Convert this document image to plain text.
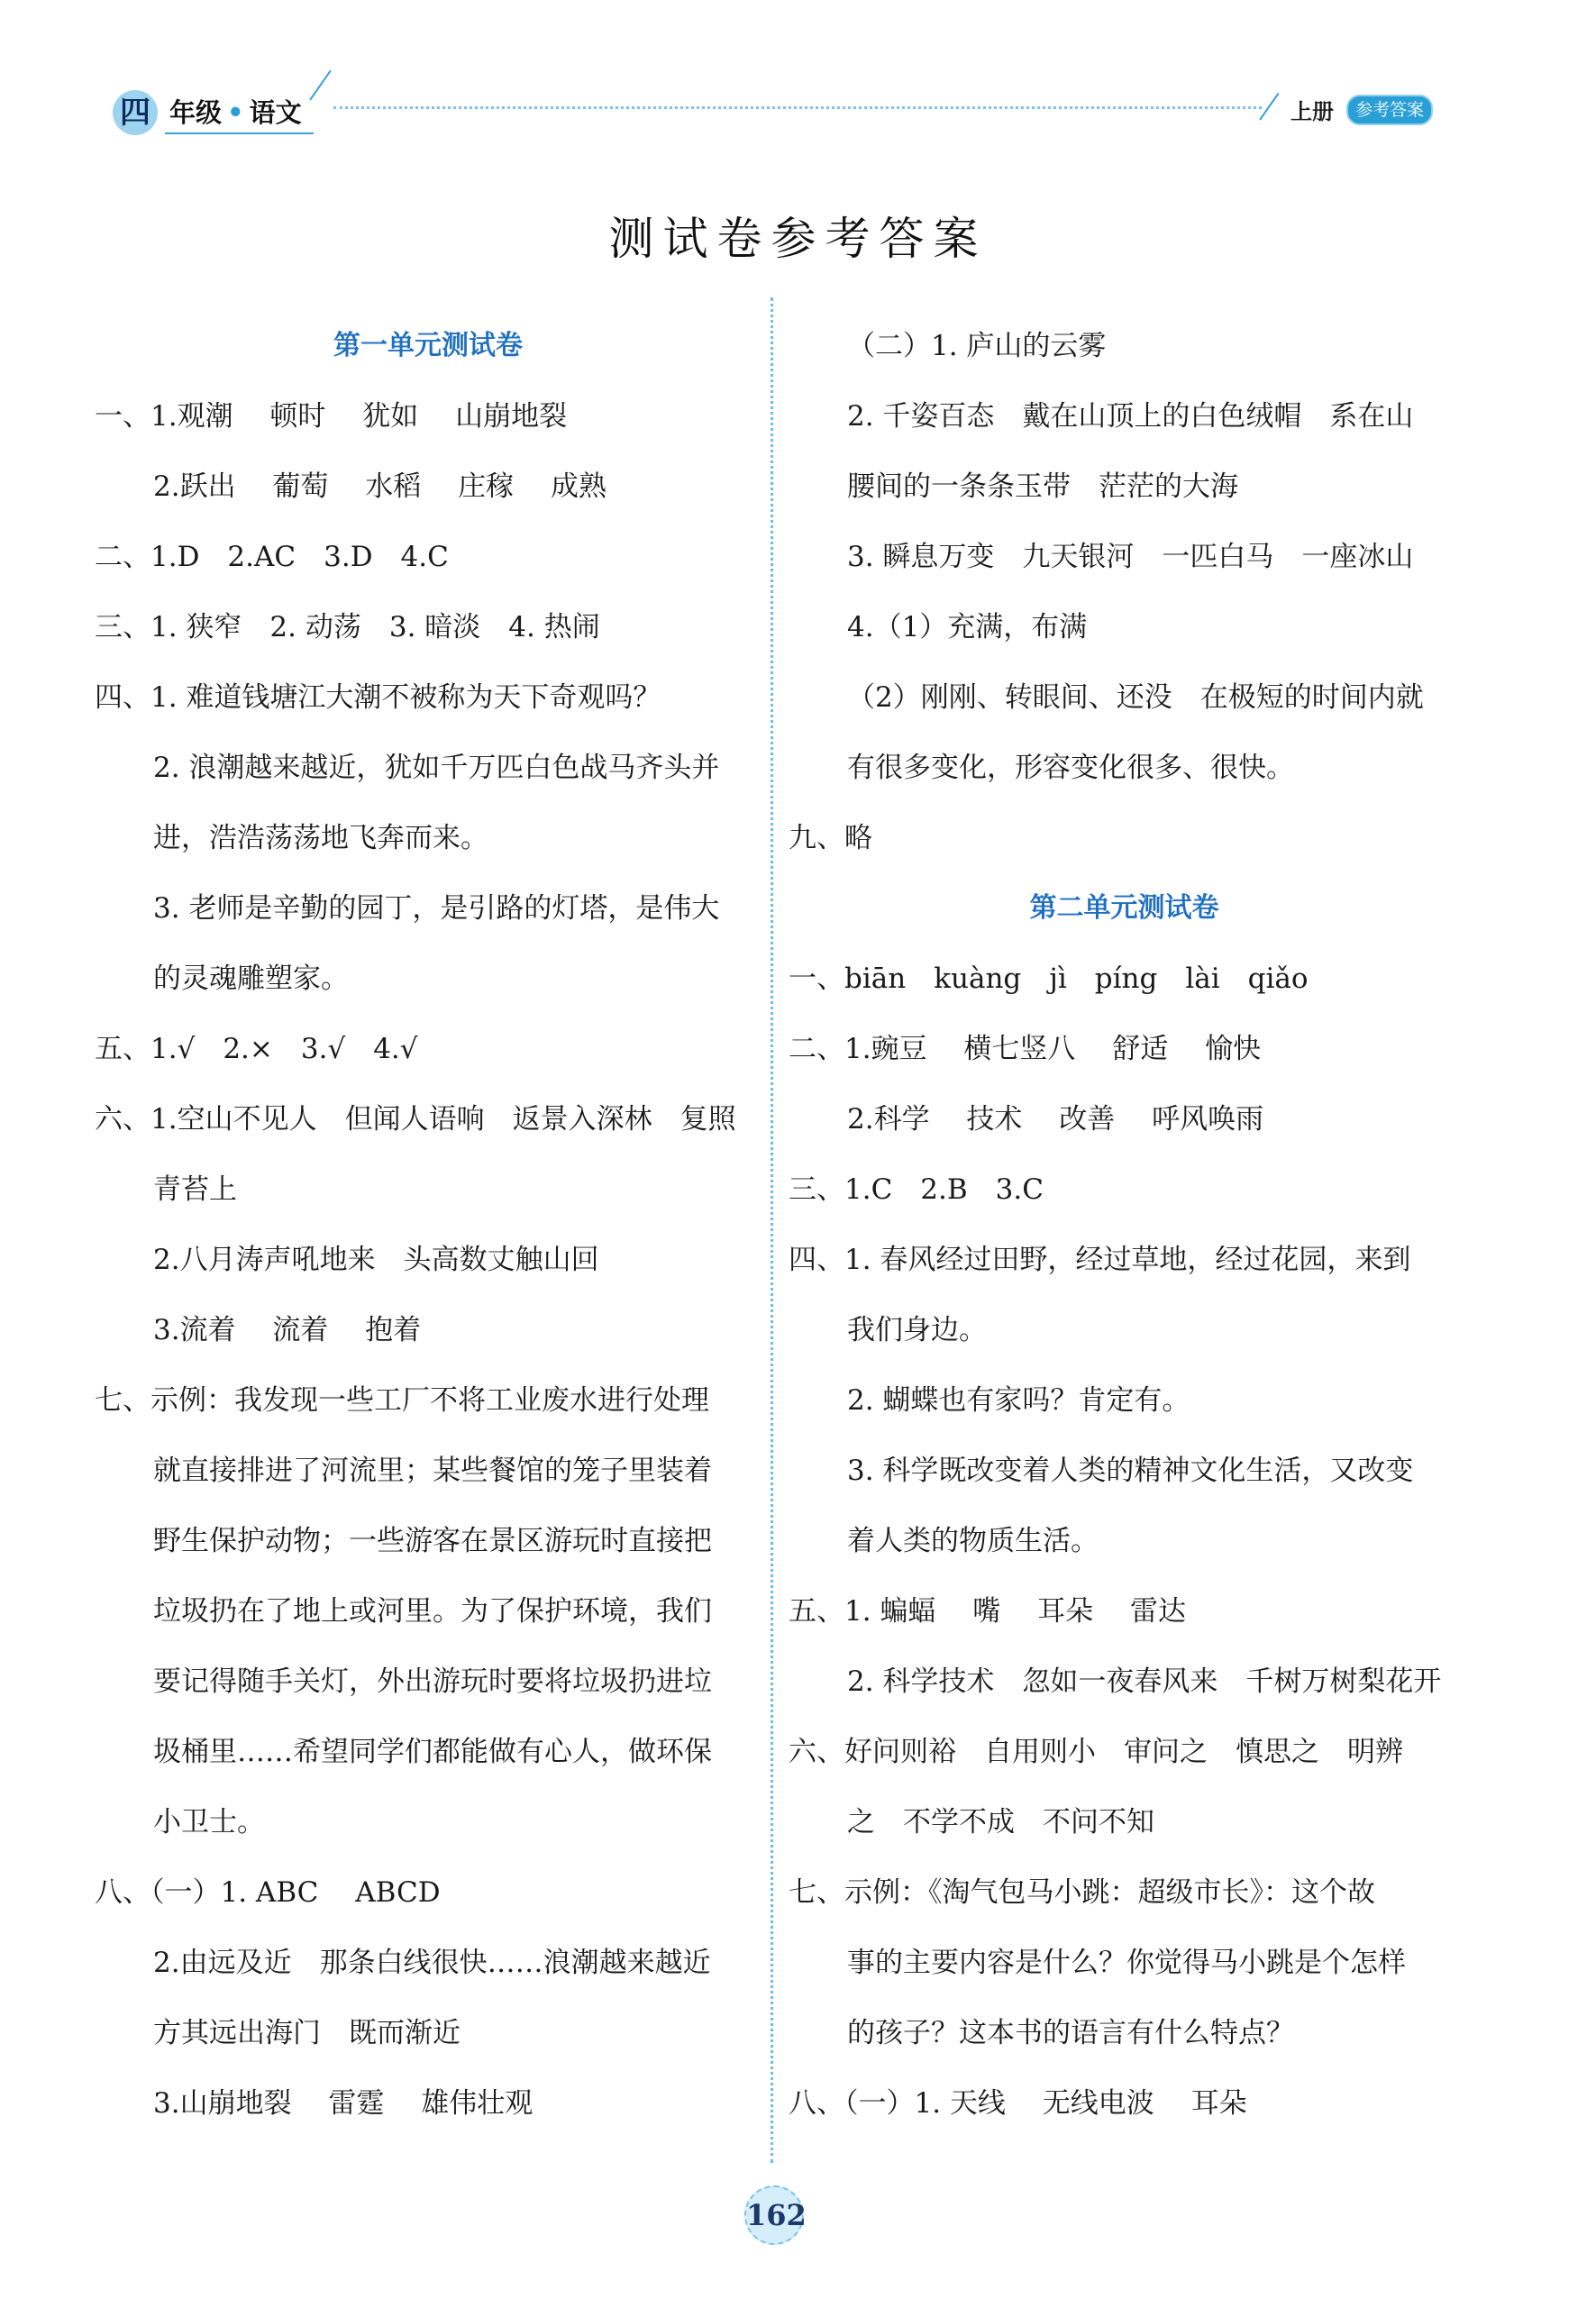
四 年级 • 语文	上册	参考答案
测试卷参考答案
第一单元测试卷
一、1.观潮　 顿时　 犹如　 山崩地裂
2.跃出　 葡萄　 水稻　 庄稼　 成熟
二、1.D　2.AC　3.D　4.C
三、1. 狭窄　2. 动荡　3. 暗淡　4. 热闹
四、1. 难道钱塘江大潮不被称为天下奇观吗？
2. 浪潮越来越近，犹如千万匹白色战马齐头并
进，浩浩荡荡地飞奔而来。
3. 老师是辛勤的园丁，是引路的灯塔，是伟大
的灵魂雕塑家。
五、1.√　2.×　3.√　4.√
六、1.空山不见人　但闻人语响　返景入深林　复照
青苔上
2.八月涛声吼地来　头高数丈触山回
3.流着　 流着　 抱着
七、示例：我发现一些工厂不将工业废水进行处理
就直接排进了河流里；某些餐馆的笼子里装着
野生保护动物；一些游客在景区游玩时直接把
垃圾扔在了地上或河里。为了保护环境，我们
要记得随手关灯，外出游玩时要将垃圾扔进垃
圾桶里……希望同学们都能做有心人，做环保
小卫士。
八、（一）1. ABC　 ABCD
2.由远及近　那条白线很快……浪潮越来越近
方其远出海门　既而渐近
3.山崩地裂　 雷霆　 雄伟壮观
（二）1. 庐山的云雾
2. 千姿百态　戴在山顶上的白色绒帽　系在山
腰间的一条条玉带　茫茫的大海
3. 瞬息万变　九天银河　一匹白马　一座冰山
4.（1）充满，布满
（2）刚刚、转眼间、还没　在极短的时间内就
有很多变化，形容变化很多、很快。
九、略
第二单元测试卷
一、biān　kuàng　jì　píng　lài　qiǎo
二、1.豌豆　 横七竖八　 舒适　 愉快
2.科学　 技术　 改善　 呼风唤雨
三、1.C　2.B　3.C
四、1. 春风经过田野，经过草地，经过花园，来到
我们身边。
2. 蝴蝶也有家吗？肯定有。
3. 科学既改变着人类的精神文化生活，又改变
着人类的物质生活。
五、1. 蝙蝠　 嘴　 耳朵　 雷达
2. 科学技术　忽如一夜春风来　千树万树梨花开
六、好问则裕　自用则小　审问之　慎思之　明辨
之　不学不成　不问不知
七、示例：《淘气包马小跳：超级市长》：这个故
事的主要内容是什么？你觉得马小跳是个怎样
的孩子？这本书的语言有什么特点？
八、（一）1. 天线　 无线电波　 耳朵
162
